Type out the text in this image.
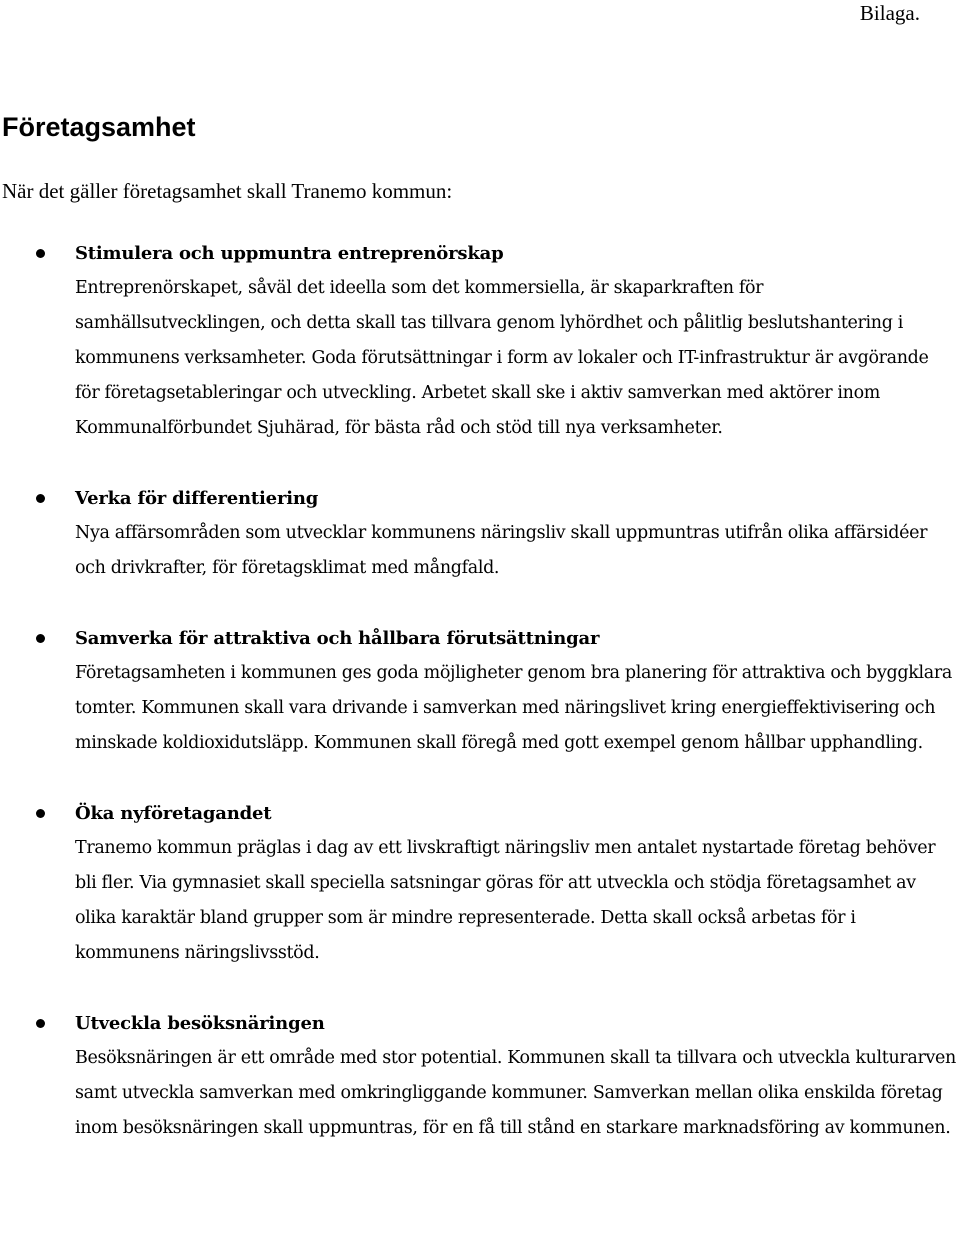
Bilaga.
Företagsamhet

När det gäller företagsamhet skall Tranemo kommun:

Stimulera och uppmuntra entreprenörskap

Entreprenörskapet, såväl det ideella som det kommersiella, är skaparkraften för samhällsutvecklingen, och detta skall tas tillvara genom lyhördhet och pålitlig beslutshantering i kommunens verksamheter. Goda förutsättningar i form av lokaler och IT-infrastruktur är avgörande för företagsetableringar och utveckling. Arbetet skall ske i aktiv samverkan med aktörer inom Kommunalförbundet Sjuhärad, för bästa råd och stöd till nya verksamheter.

Verka för differentiering

Nya affärsområden som utvecklar kommunens näringsliv skall uppmuntras utifrån olika affärsidéer och drivkrafter, för företagsklimat med mångfald.

Samverka för attraktiva och hållbara förutsättningar

Företagsamheten i kommunen ges goda möjligheter genom bra planering för attraktiva och byggklara tomter. Kommunen skall vara drivande i samverkan med näringslivet kring energieffektivisering och minskade koldioxidutsläpp. Kommunen skall föregå med gott exempel genom hållbar upphandling.

Öka nyföretagandet

Tranemo kommun präglas i dag av ett livskraftigt näringsliv men antalet nystartade företag behöver bli fler. Via gymnasiet skall speciella satsningar göras för att utveckla och stödja företagsamhet av olika karaktär bland grupper som är mindre representerade. Detta skall också arbetas för i kommunens näringslivsstöd.

Utveckla besöksnäringen

Besöksnäringen är ett område med stor potential. Kommunen skall ta tillvara och utveckla kulturarven samt utveckla samverkan med omkringliggande kommuner. Samverkan mellan olika enskilda företag inom besöksnäringen skall uppmuntras, för en få till stånd en starkare marknadsföring av kommunen.
